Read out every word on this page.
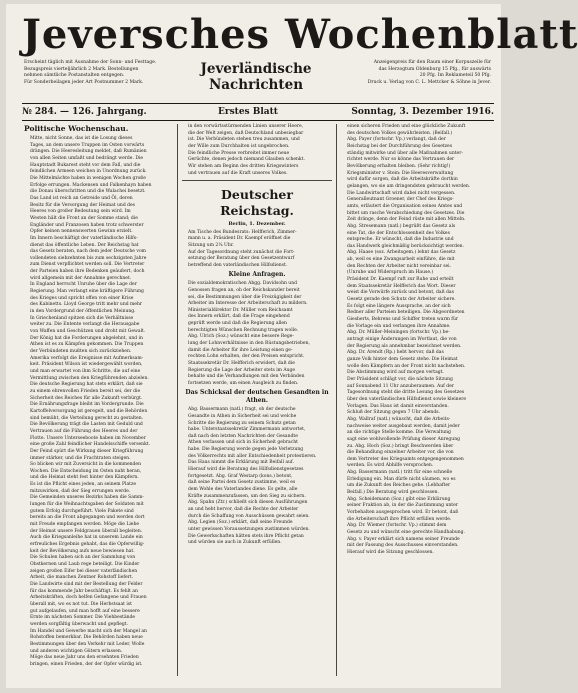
Jeversches Wochenblatt

Erscheint täglich mit Ausnahme der Sonn- und Festtage.

Bezugspreis vierteljährlich 2 Mark. Bestellungen

nehmen sämtliche Postanstalten entgegen.

Für Sonderbeilagen jeder Art Postnummer 2 Mark.

Jeverländische
Nachrichten

Anzeigenpreis für den Raum einer Korpuszeile für

das Herzogtum Oldenburg 15 Pfg., für auswärts

20 Pfg. Im Reklameteil 50 Pfg.

Druck u. Verlag von C. L. Mettcker & Söhne in Jever.

№ 284. — 126. Jahrgang.	Erstes Blatt	Sonntag, 3. Dezember 1916.
Politische Wochenschau.

Mitte, nicht Sonne, das ist die Losung dieses

Tages, an dem unsere Truppen im Osten vorwärts

drängen. Die Heeresleitung meldet, daß Rumänien

von allen Seiten umfaßt und bedrängt werde. Die

Hauptstadt Bukarest steht vor dem Fall, und die

feindlichen Armeen weichen in Unordnung zurück.

Die Mittelmächte haben in wenigen Wochen große

Erfolge errungen. Mackensen und Falkenhayn haben

die Donau überschritten und die Walachei besetzt.

Das Land ist reich an Getreide und Öl, deren

Besitz für die Versorgung der Heimat und des

Heeres von großer Bedeutung sein wird. Im

Westen hält die Front an der Somme stand; die

Engländer und Franzosen haben trotz schwerster

Opfer keinen nennenswerten Gewinn erzielt.

Im Innern beschäftigt der vaterländische Hilfs-

dienst das öffentliche Leben. Der Reichstag hat

das Gesetz beraten, nach dem jeder Deutsche vom

vollendeten siebzehnten bis zum sechzigsten Jahre

zum Dienst verpflichtet werden soll. Die Vertreter

der Parteien haben ihre Bedenken geäußert, doch

wird allgemein mit der Annahme gerechnet.

In England herrscht Unruhe über die Lage der

Regierung. Man verlangt eine kräftigere Führung

des Krieges und spricht offen von einer Krise

des Kabinetts. Lloyd George tritt mehr und mehr

in den Vordergrund der öffentlichen Meinung.

In Griechenland spitzen sich die Verhältnisse

weiter zu. Die Entente verlangt die Herausgabe

von Waffen und Geschützen und droht mit Gewalt.

Der König hat die Forderungen abgelehnt, und in

Athen ist es zu Kämpfen gekommen. Die Truppen

der Verbündeten mußten sich zurückziehen.

Amerika verfolgt die Ereignisse mit Aufmerksam-

keit. Präsident Wilson ist wiedergewählt worden,

und man erwartet von ihm Schritte, die auf eine

Vermittlung zwischen den Kriegführenden abzielen.

Die deutsche Regierung hat stets erklärt, daß sie

zu einem ehrenvollen Frieden bereit sei, der die

Sicherheit des Reiches für alle Zukunft verbürgt.

Die Ernährungsfrage bleibt im Vordergrunde. Die

Kartoffelversorgung ist geregelt, und die Behörden

sind bemüht, die Verteilung gerecht zu gestalten.

Die Bevölkerung trägt die Lasten mit Geduld und

Vertrauen auf die Führung des Heeres und der

Flotte. Unsere Unterseeboote haben im November

eine große Zahl feindlicher Handelsschiffe versenkt.

Der Feind spürt die Wirkung dieser Kriegführung

immer stärker, und die Frachtraten steigen.

So blicken wir mit Zuversicht in die kommenden

Wochen. Die Entscheidung im Osten naht heran,

und die Heimat steht fest hinter den Kämpfern.

Es ist die Pflicht eines jeden, an seinem Platze

mitzuwirken, daß der Sieg errungen werde.

Die Gemeinden unseres Bezirks haben die Samm-

lungen für die Weihnachtsgaben der Soldaten mit

gutem Erfolg durchgeführt. Viele Pakete sind

bereits an die Front abgegangen und werden dort

mit Freude empfangen werden. Möge die Liebe

der Heimat unsere Feldgrauen überall begleiten.

Auch die Kriegsanleihe hat in unserem Lande ein

erfreuliches Ergebnis gehabt, das die Opferwillig-

keit der Bevölkerung aufs neue bewiesen hat.

Die Schulen haben sich an der Sammlung von

Obstkernen und Laub rege beteiligt. Die Kinder

zeigen großen Eifer bei dieser vaterländischen

Arbeit, die manchen Zentner Rohstoff liefert.

Die Landwirte sind mit der Bestellung der Felder

für das kommende Jahr beschäftigt. Es fehlt an

Arbeitskräften, doch helfen Gefangene und Frauen

überall mit, wo es not tut. Die Herbstsaat ist

gut aufgelaufen, und man hofft auf eine bessere

Ernte im nächsten Sommer. Die Viehbestände

werden sorgfältig überwacht und gepflegt.

Im Handel und Gewerbe macht sich der Mangel an

Rohstoffen bemerkbar. Die Behörden haben neue

Bestimmungen über den Verkehr mit Leder, Wolle

und anderen wichtigen Gütern erlassen.

Möge das neue Jahr uns den ersehnten Frieden

bringen, einen Frieden, der der Opfer würdig ist.

in den vorwärtsstürmenden Linien unserer Heere,

die der Welt zeigen, daß Deutschland unbesiegbar

ist. Die Verbündeten stehen treu zusammen, und

der Wille zum Durchhalten ist ungebrochen.

Die feindliche Presse verbreitet immer neue

Gerüchte, denen jedoch niemand Glauben schenkt.

Wir stehen am Beginn des dritten Kriegswinters

und vertrauen auf die Kraft unseres Volkes.

Deutscher Reichstag.
Berlin, 1. Dezember.

Am Tische des Bundesrats: Helfferich, Zimmer-

mann u. a. Präsident Dr. Kaempf eröffnet die

Sitzung um 2¼ Uhr.

Auf der Tagesordnung steht zunächst die Fort-

setzung der Beratung über den Gesetzentwurf

betreffend den vaterländischen Hilfsdienst.

Kleine Anfragen.

Die sozialdemokratischen Abgg. Davidsohn und

Genossen fragen an, ob der Reichskanzler bereit

sei, die Bestimmungen über die Freizügigkeit der

Arbeiter im Interesse der Arbeiterschaft zu mildern.

Ministerialdirektor Dr. Müller vom Reichsamt

des Innern erklärt, daß die Frage eingehend

geprüft werde und daß die Regierung allen

berechtigten Wünschen Rechnung tragen wolle.

Abg. Ulrich (Soz.) wünscht eine bessere Rege-

lung der Lohnverhältnisse in den Rüstungsbetrieben,

damit die Arbeiter für ihre Leistung einen ge-

rechten Lohn erhalten, der den Preisen entspricht.

Staatssekretär Dr. Helfferich erwidert, daß die

Regierung die Lage der Arbeiter stets im Auge

behalte und die Verhandlungen mit den Verbänden

fortsetzen werde, um einen Ausgleich zu finden.

Das Schicksal der deutschen Gesandten in Athen.

Abg. Bassermann (natl.) fragt, ob der deutsche

Gesandte in Athen in Sicherheit sei und welche

Schritte die Regierung zu seinem Schutz getan

habe. Unterstaatssekretär Zimmermann antwortet,

daß nach den letzten Nachrichten der Gesandte

Athen verlassen und sich in Sicherheit gebracht

habe. Die Regierung werde gegen jede Verletzung

des Völkerrechts mit aller Entschiedenheit protestieren.

Das Haus nimmt die Erklärung mit Beifall auf.

Hierauf wird die Beratung des Hilfsdienstgesetzes

fortgesetzt. Abg. Graf Westarp (kons.) betont,

daß seine Partei dem Gesetz zustimme, weil es

dem Wohle des Vaterlandes diene. Es gelte, alle

Kräfte zusammenzufassen, um den Sieg zu sichern.

Abg. Spahn (Ztr.) schließt sich diesen Ausführungen

an und hebt hervor, daß die Rechte der Arbeiter

durch die Schaffung von Ausschüssen gewahrt seien.

Abg. Legien (Soz.) erklärt, daß seine Freunde

unter gewissen Voraussetzungen zustimmen würden.

Die Gewerkschaften hätten stets ihre Pflicht getan

und würden sie auch in Zukunft erfüllen.

einen sicheren Frieden und eine glückliche Zukunft

des deutschen Volkes gewährleisten. (Beifall.)

Abg. Payer (fortschr. Vp.) verlangt, daß der

Reichstag bei der Durchführung des Gesetzes

ständig mitwirke und über alle Maßnahmen unter-

richtet werde. Nur so könne das Vertrauen der

Bevölkerung erhalten bleiben. (Sehr richtig!)

Kriegsminister v. Stein: Die Heeresverwaltung

wird dafür sorgen, daß die Arbeitskräfte dorthin

gelangen, wo sie am dringendsten gebraucht werden.

Die Landwirtschaft wird dabei nicht vergessen.

Generalleutnant Groener, der Chef des Kriegs-

amts, erläutert die Organisation seines Amtes und

bittet um rasche Verabschiedung des Gesetzes. Die

Zeit dränge, denn der Feind rüste mit allen Mitteln.

Abg. Stresemann (natl.) begrüßt das Gesetz als

eine Tat, die der Entschlossenheit des Volkes

entspreche. Er wünscht, daß die Industrie und

das Handwerk gleichmäßig berücksichtigt werden.

Abg. Haase (soz. Arbeitsgem.) lehnt das Gesetz

ab, weil es eine Zwangsarbeit einführe, die mit

den Rechten der Arbeiter nicht vereinbar sei.

(Unruhe und Widerspruch im Hause.)

Präsident Dr. Kaempf ruft zur Ruhe und erteilt

dem Staatssekretär Helfferich das Wort. Dieser

weist die Vorwürfe zurück und betont, daß das

Gesetz gerade den Schutz der Arbeiter sichere.

Es folgt eine längere Aussprache, an der sich

Redner aller Parteien beteiligen. Die Abgeordneten

Giesberts, Behrens und Schiffer treten warm für

die Vorlage ein und verlangen ihre Annahme.

Abg. Dr. Müller-Meiningen (fortschr. Vp.) be-

antragt einige Änderungen im Wortlaut, die von

der Regierung als annehmbar bezeichnet werden.

Abg. Dr. Arendt (Rp.) hebt hervor, daß das

ganze Volk hinter dem Gesetz stehe. Die Heimat

wolle den Kämpfern an der Front nicht nachstehen.

Die Abstimmung wird auf morgen vertagt.

Der Präsident schlägt vor, die nächste Sitzung

auf Sonnabend 11 Uhr anzuberaumen. Auf der

Tagesordnung steht die dritte Lesung des Gesetzes

über den vaterländischen Hilfsdienst sowie kleinere

Vorlagen. Das Haus ist damit einverstanden.

Schluß der Sitzung gegen 7 Uhr abends.

Abg. Wallraf (natl.) wünscht, daß die Arbeits-

nachweise weiter ausgebaut werden, damit jeder

an die richtige Stelle komme. Die Verwaltung

sagt eine wohlwollende Prüfung dieser Anregung

zu. Abg. Hoch (Soz.) bringt Beschwerden über

die Behandlung einzelner Arbeiter vor, die von

dem Vertreter des Kriegsamts entgegengenommen

werden. Es wird Abhilfe versprochen.

Abg. Bassermann (natl.) tritt für eine schnelle

Erledigung ein. Man dürfe nicht säumen, wo es

um die Zukunft des Reiches gehe. (Lebhafter

Beifall.) Die Beratung wird geschlossen.

Abg. Scheidemann (Soz.) gibt eine Erklärung

seiner Fraktion ab, in der die Zustimmung unter

Vorbehalten ausgesprochen wird. Er betont, daß

die Arbeiterschaft ihre Pflicht erfüllen werde.

Abg. Dr. Wiemer (fortschr. Vp.) stimmt dem

Gesetz zu und wünscht eine gerechte Handhabung.

Abg. v. Payer erklärt sich namens seiner Freunde

mit der Fassung des Ausschusses einverstanden.

Hierauf wird die Sitzung geschlossen.
